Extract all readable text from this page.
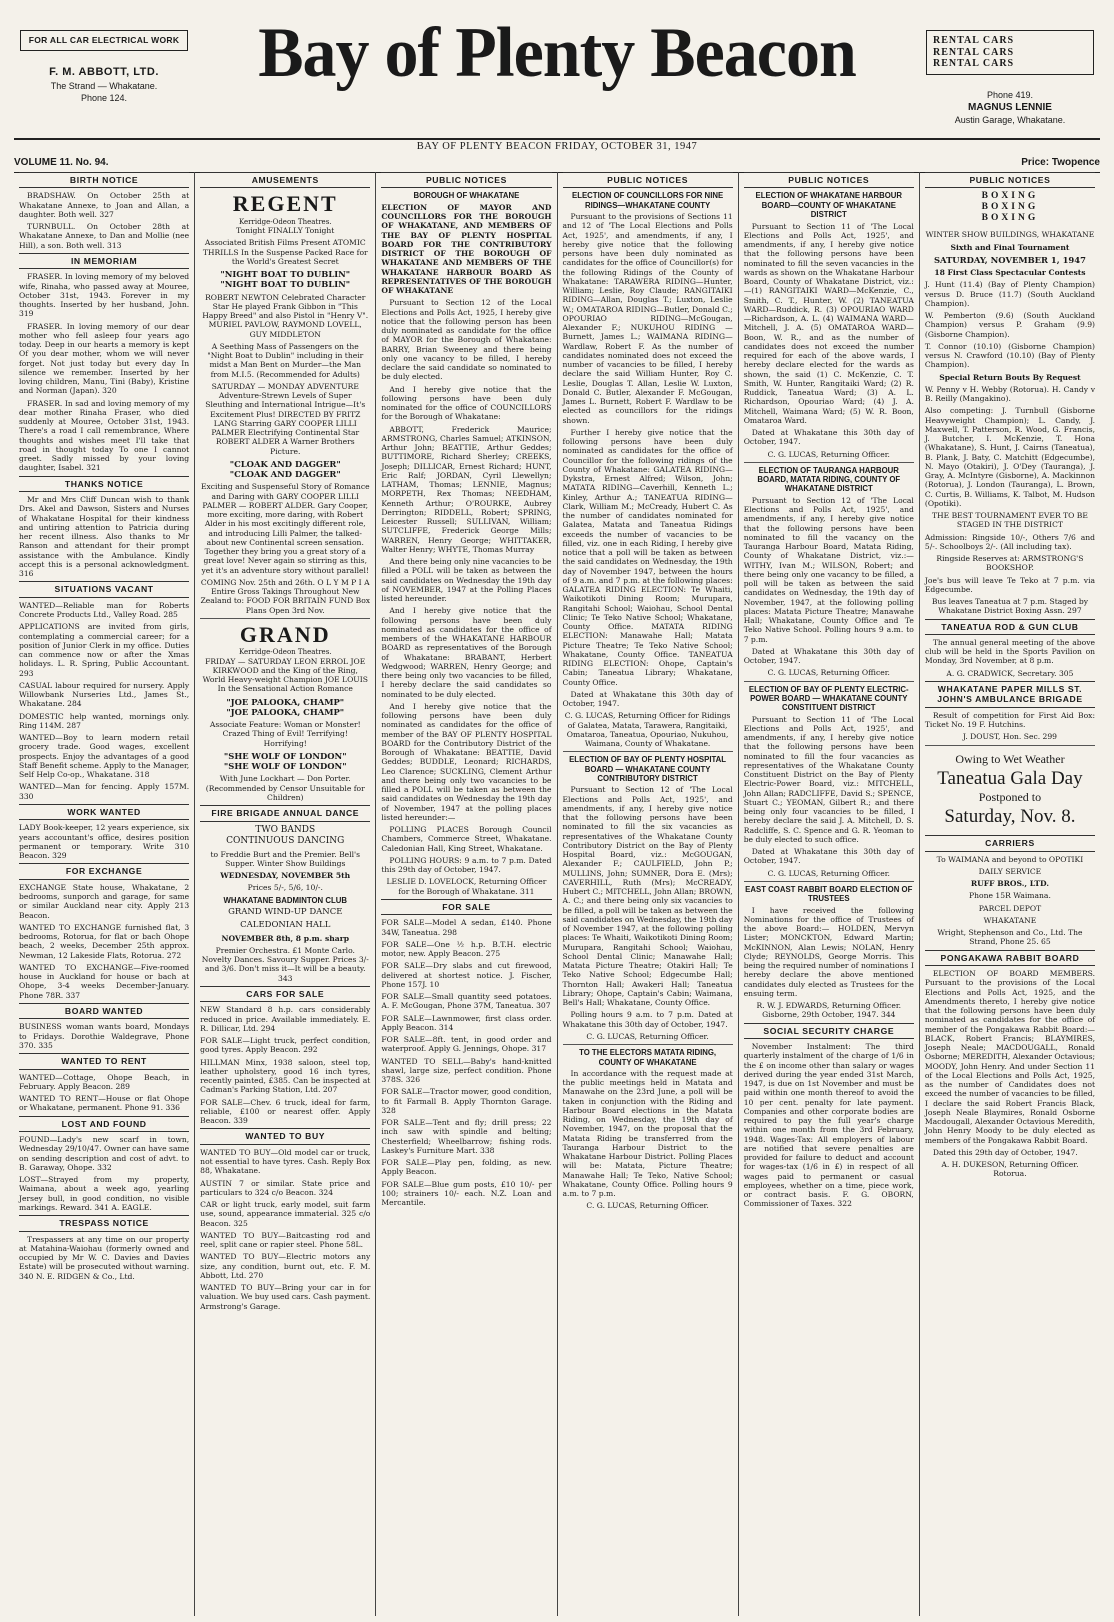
FOR ALL CAR ELECTRICAL WORK
F. M. ABBOTT, LTD.
The Strand — Whakatane.
Phone 124.
Bay of Plenty Beacon	RENTAL CARS
RENTAL CARS
RENTAL CARS
Phone 419.
MAGNUS LENNIE
Austin Garage, Whakatane.
BAY OF PLENTY BEACON FRIDAY, OCTOBER 31, 1947
VOLUME 11. No. 94.	Price: Twopence
BIRTH NOTICE

BRADSHAW. On October 25th at Whakatane Annexe, to Joan and Allan, a daughter. Both well. 327

TURNBULL. On October 28th at Whakatane Annexe, to Dan and Mollie (nee Hill), a son. Both well. 313

IN MEMORIAM

FRASER. In loving memory of my beloved wife, Rinaha, who passed away at Mouree, October 31st, 1943. Forever in my thoughts. Inserted by her husband, John. 319

FRASER. In loving memory of our dear mother who fell asleep four years ago today. Deep in our hearts a memory is kept Of you dear mother, whom we will never forget. Not just today but every day In silence we remember. Inserted by her loving children, Manu, Tini (Baby), Kristine and Norman (Japan). 320

FRASER. In sad and loving memory of my dear mother Rinaha Fraser, who died suddenly at Mouree, October 31st, 1943. There's a road I call remembrance, Where thoughts and wishes meet I'll take that road in thought today To one I cannot greet. Sadly missed by your loving daughter, Isabel. 321

THANKS NOTICE

Mr and Mrs Cliff Duncan wish to thank Drs. Akel and Dawson, Sisters and Nurses of Whakatane Hospital for their kindness and untiring attention to Patricia during her recent illness. Also thanks to Mr Ranson and attendant for their prompt assistance with the Ambulance. Kindly accept this is a personal acknowledgment. 316

SITUATIONS VACANT

WANTED—Reliable man for Roberts Concrete Products Ltd., Valley Road. 285

APPLICATIONS are invited from girls, contemplating a commercial career; for a position of Junior Clerk in my office. Duties can commence now or after the Xmas holidays. L. R. Spring, Public Accountant. 293

CASUAL labour required for nursery. Apply Willowbank Nurseries Ltd., James St., Whakatane. 284

DOMESTIC help wanted, mornings only. Ring 114M. 287

WANTED—Boy to learn modern retail grocery trade. Good wages, excellent prospects. Enjoy the advantages of a good Staff Benefit scheme. Apply to the Manager, Self Help Co-op., Whakatane. 318

WANTED—Man for fencing. Apply 157M. 330

WORK WANTED

LADY Book-keeper, 12 years experience, six years accountant's office, desires position permanent or temporary. Write 310 Beacon. 329

FOR EXCHANGE

EXCHANGE State house, Whakatane, 2 bedrooms, sunporch and garage, for same or similar Auckland near city. Apply 213 Beacon.

WANTED TO EXCHANGE furnished flat, 3 bedrooms, Rotorua, for flat or bach Ohope beach, 2 weeks, December 25th approx. Newman, 12 Lakeside Flats, Rotorua. 272

WANTED TO EXCHANGE—Five-roomed house in Auckland for house or bach at Ohope, 3-4 weeks December-January. Phone 78R. 337

BOARD WANTED

BUSINESS woman wants board, Mondays to Fridays. Dorothie Waldegrave, Phone 370. 335

WANTED TO RENT

WANTED—Cottage, Ohope Beach, in February. Apply Beacon. 289

WANTED TO RENT—House or flat Ohope or Whakatane, permanent. Phone 91. 336

LOST AND FOUND

FOUND—Lady's new scarf in town, Wednesday 29/10/47. Owner can have same on sending description and cost of advt. to B. Garaway, Ohope. 332

LOST—Strayed from my property, Waimana, about a week ago, yearling Jersey bull, in good condition, no visible markings. Reward. 341 A. EAGLE.

TRESPASS NOTICE

Trespassers at any time on our property at Matahina-Waiohau (formerly owned and occupied by Mr W. C. Davies and Davies Estate) will be prosecuted without warning. 340 N. E. RIDGEN & Co., Ltd.

AMUSEMENTS
REGENT
Kerridge-Odeon Theatres.

Tonight FINALLY Tonight

Associated British Films Present ATOMIC THRILLS In the Suspense Packed Race for the World's Greatest Secret

"NIGHT BOAT TO DUBLIN"
"NIGHT BOAT TO DUBLIN"

ROBERT NEWTON Celebrated Character Star He played Frank Gibbon in "This Happy Breed" and also Pistol in "Henry V". MURIEL PAVLOW, RAYMOND LOVELL, GUY MIDDLETON

A Seething Mass of Passengers on the "Night Boat to Dublin" including in their midst a Man Bent on Murder—the Man from M.I.5. (Recommended for Adults)

SATURDAY — MONDAY ADVENTURE Adventure-Strewn Levels of Super Sleuthing and International Intrigue—It's Excitement Plus! DIRECTED BY FRITZ LANG Starring GARY COOPER LILLI PALMER Electrifying Continental Star ROBERT ALDER A Warner Brothers Picture.

"CLOAK AND DAGGER"
"CLOAK AND DAGGER"

Exciting and Suspenseful Story of Romance and Daring with GARY COOPER LILLI PALMER — ROBERT ALDER. Gary Cooper, more exciting, more daring, with Robert Alder in his most excitingly different role, and introducing Lilli Palmer, the talked-about new Continental screen sensation. Together they bring you a great story of a great love! Never again so stirring as this, yet it's an adventure story without parallel!

COMING Nov. 25th and 26th. O L Y M P I A Entire Gross Takings Throughout New Zealand to: FOOD FOR BRITAIN FUND Box Plans Open 3rd Nov.

GRAND
Kerridge-Odeon Theatres.

FRIDAY — SATURDAY LEON ERROL JOE KIRKWOOD and the King of the Ring, World Heavy-weight Champion JOE LOUIS In the Sensational Action Romance

"JOE PALOOKA, CHAMP"
"JOE PALOOKA, CHAMP"

Associate Feature: Woman or Monster! Crazed Thing of Evil! Terrifying! Horrifying!

"SHE WOLF OF LONDON"
"SHE WOLF OF LONDON"

With June Lockhart — Don Porter. (Recommended by Censor Unsuitable for Children)

FIRE BRIGADE ANNUAL DANCE

TWO BANDS
CONTINUOUS DANCING

to Freddie Burt and the Premier. Bell's Supper. Winter Show Buildings

WEDNESDAY, NOVEMBER 5th

Prices 5/-, 5/6, 10/-.

WHAKATANE BADMINTON CLUB

GRAND WIND-UP DANCE

CALEDONIAN HALL

NOVEMBER 8th, 8 p.m. sharp

Premier Orchestra. £1 Monte Carlo. Novelty Dances. Savoury Supper. Prices 3/- and 3/6. Don't miss it—It will be a beauty. 343

CARS FOR SALE

NEW Standard 8 h.p. cars considerably reduced in price. Available immediately. E. R. Dillicar, Ltd. 294

FOR SALE—Light truck, perfect condition, good tyres. Apply Beacon. 292

HILLMAN Minx, 1938 saloon, steel top, leather upholstery, good 16 inch tyres, recently painted, £385. Can be inspected at Cadman's Parking Station, Ltd. 207

FOR SALE—Chev. 6 truck, ideal for farm, reliable, £100 or nearest offer. Apply Beacon. 339

WANTED TO BUY

WANTED TO BUY—Old model car or truck, not essential to have tyres. Cash. Reply Box 88, Whakatane.

AUSTIN 7 or similar. State price and particulars to 324 c/o Beacon. 324

CAR or light truck, early model, suit farm use, sound, appearance immaterial. 325 c/o Beacon. 325

WANTED TO BUY—Baitcasting rod and reel, split cane or rapier steel. Phone 58L.

WANTED TO BUY—Electric motors any size, any condition, burnt out, etc. F. M. Abbott, Ltd. 270

WANTED TO BUY—Bring your car in for valuation. We buy used cars. Cash payment. Armstrong's Garage.

PUBLIC NOTICES
BOROUGH OF WHAKATANE

ELECTION OF MAYOR AND COUNCILLORS FOR THE BOROUGH OF WHAKATANE, AND MEMBERS OF THE BAY OF PLENTY HOSPITAL BOARD FOR THE CONTRIBUTORY DISTRICT OF THE BOROUGH OF WHAKATANE AND MEMBERS OF THE WHAKATANE HARBOUR BOARD AS REPRESENTATIVES OF THE BOROUGH OF WHAKATANE

Pursuant to Section 12 of the Local Elections and Polls Act, 1925, I hereby give notice that the following person has been duly nominated as candidate for the office of MAYOR for the Borough of Whakatane: BARRY, Brian Sweeney and there being only one vacancy to be filled, I hereby declare the said candidate so nominated to be duly elected.

And I hereby give notice that the following persons have been duly nominated for the office of COUNCILLORS for the Borough of Whakatane:

ABBOTT, Frederick Maurice; ARMSTRONG, Charles Samuel; ATKINSON, Arthur John; BEATTIE, Arthur Geddes; BUTTIMORE, Richard Sherley; CREEKS, Joseph; DILLICAR, Ernest Richard; HUNT, Eric Ralf; JORDAN, Cyril Llewellyn; LATHAM, Thomas; LENNIE, Magnus; MORPETH, Rex Thomas; NEEDHAM, Kenneth Arthur; O'ROURKE, Aubrey Derrington; RIDDELL, Robert; SPRING, Leicester Russell; SULLIVAN, William; SUTCLIFFE, Frederick George Mills; WARREN, Henry George; WHITTAKER, Walter Henry; WHYTE, Thomas Murray

And there being only nine vacancies to be filled a POLL will be taken as between the said candidates on Wednesday the 19th day of NOVEMBER, 1947 at the Polling Places listed hereunder.

And I hereby give notice that the following persons have been duly nominated as candidates for the office of members of the WHAKATANE HARBOUR BOARD as representatives of the Borough of Whakatane: BRABANT, Herbert Wedgwood; WARREN, Henry George; and there being only two vacancies to be filled, I hereby declare the said candidates so nominated to be duly elected.

And I hereby give notice that the following persons have been duly nominated as candidates for the office of member of the BAY OF PLENTY HOSPITAL BOARD for the Contributory District of the Borough of Whakatane: BEATTIE, David Geddes; BUDDLE, Leonard; RICHARDS, Leo Clarence; SUCKLING, Clement Arthur and there being only two vacancies to be filled a POLL will be taken as between the said candidates on Wednesday the 19th day of November, 1947 at the polling places listed hereunder:—

POLLING PLACES Borough Council Chambers, Commerce Street, Whakatane. Caledonian Hall, King Street, Whakatane.

POLLING HOURS: 9 a.m. to 7 p.m. Dated this 29th day of October, 1947.

LESLIE D. LOVELOCK, Returning Officer for the Borough of Whakatane. 311

FOR SALE

FOR SALE—Model A sedan, £140. Phone 34W, Taneatua. 298

FOR SALE—One ½ h.p. B.T.H. electric motor, new. Apply Beacon. 275

FOR SALE—Dry slabs and cut firewood, delivered at shortest notice. J. Fischer, Phone 157J. 10

FOR SALE—Small quantity seed potatoes. A. F. McGougan, Phone 37M, Taneatua. 307

FOR SALE—Lawnmower, first class order. Apply Beacon. 314

FOR SALE—8ft. tent, in good order and waterproof. Apply G. Jennings, Ohope. 317

WANTED TO SELL—Baby's hand-knitted shawl, large size, perfect condition. Phone 378S. 326

FOR SALE—Tractor mower, good condition, to fit Farmall B. Apply Thornton Garage. 328

FOR SALE—Tent and fly; drill press; 22 inch saw with spindle and belting; Chesterfield; Wheelbarrow; fishing rods. Laskey's Furniture Mart. 338

FOR SALE—Play pen, folding, as new. Apply Beacon.

FOR SALE—Blue gum posts, £10 10/- per 100; strainers 10/- each. N.Z. Loan and Mercantile.

PUBLIC NOTICES
ELECTION OF COUNCILLORS FOR NINE RIDINGS—WHAKATANE COUNTY

Pursuant to the provisions of Sections 11 and 12 of 'The Local Elections and Polls Act, 1925', and amendments, if any, I hereby give notice that the following persons have been duly nominated as candidates for the office of Councillor(s) for the following Ridings of the County of Whakatane: TARAWERA RIDING—Hunter, William; Leslie, Roy Claude; RANGITAIKI RIDING—Allan, Douglas T.; Luxton, Leslie W.; OMATAROA RIDING—Butler, Donald C.; OPOURIAO RIDING—McGougan, Alexander F.; NUKUHOU RIDING — Burnett, James L.; WAIMANA RIDING—Wardlaw, Robert F. As the number of candidates nominated does not exceed the number of vacancies to be filled, I hereby declare the said William Hunter, Roy C. Leslie, Douglas T. Allan, Leslie W. Luxton, Donald C. Butler, Alexander F. McGougan, James L. Burnett, Robert F. Wardlaw to be elected as councillors for the ridings shown.

Further I hereby give notice that the following persons have been duly nominated as candidates for the office of Councillor for the following ridings of the County of Whakatane: GALATEA RIDING—Dykstra, Ernest Alfred; Wilson, John; MATATA RIDING—Caverhill, Kenneth L.; Kinley, Arthur A.; TANEATUA RIDING—Clark, William M.; McCready, Hubert C. As the number of candidates nominated for Galatea, Matata and Taneatua Ridings exceeds the number of vacancies to be filled, viz. one in each Riding, I hereby give notice that a poll will be taken as between the said candidates on Wednesday, the 19th day of November 1947, between the hours of 9 a.m. and 7 p.m. at the following places: GALATEA RIDING ELECTION: Te Whaiti, Waikotikoti Dining Room; Murupara, Rangitahi School; Waiohau, School Dental Clinic; Te Teko Native School; Whakatane, County Office. MATATA RIDING ELECTION: Manawahe Hall; Matata Picture Theatre; Te Teko Native School; Whakatane, County Office. TANEATUA RIDING ELECTION: Ohope, Captain's Cabin; Taneatua Library; Whakatane, County Office.

Dated at Whakatane this 30th day of October, 1947.

C. G. LUCAS, Returning Officer for Ridings of Galatea, Matata, Tarawera, Rangitaiki, Omataroa, Taneatua, Opouriao, Nukuhou, Waimana, County of Whakatane.

ELECTION OF BAY OF PLENTY HOSPITAL BOARD — WHAKATANE COUNTY CONTRIBUTORY DISTRICT

Pursuant to Section 12 of 'The Local Elections and Polls Act, 1925', and amendments, if any, I hereby give notice that the following persons have been nominated to fill the six vacancies as representatives of the Whakatane County Contributory District on the Bay of Plenty Hospital Board, viz.: McGOUGAN, Alexander F.; CAULFIELD, John P.; MULLINS, John; SUMNER, Dora E. (Mrs); CAVERHILL, Ruth (Mrs); McCREADY, Hubert C.; MITCHELL, John Allan; BROWN, A. C.; and there being only six vacancies to be filled, a poll will be taken as between the said candidates on Wednesday, the 19th day of November 1947, at the following polling places: Te Whaiti, Waikotikoti Dining Room; Murupara, Rangitahi School; Waiohau, School Dental Clinic; Manawahe Hall; Matata Picture Theatre; Otakiri Hall; Te Teko Native School; Edgecumbe Hall; Thornton Hall; Awakeri Hall; Taneatua Library; Ohope, Captain's Cabin; Waimana, Bell's Hall; Whakatane, County Office.

Polling hours 9 a.m. to 7 p.m. Dated at Whakatane this 30th day of October, 1947.

C. G. LUCAS, Returning Officer.

TO THE ELECTORS MATATA RIDING, COUNTY OF WHAKATANE

In accordance with the request made at the public meetings held in Matata and Manawahe on the 23rd June, a poll will be taken in conjunction with the Riding and Harbour Board elections in the Matata Riding, on Wednesday, the 19th day of November, 1947, on the proposal that the Matata Riding be transferred from the Tauranga Harbour District to the Whakatane Harbour District. Polling Places will be: Matata, Picture Theatre; Manawahe Hall; Te Teko, Native School; Whakatane, County Office. Polling hours 9 a.m. to 7 p.m.

C. G. LUCAS, Returning Officer.

PUBLIC NOTICES
ELECTION OF WHAKATANE HARBOUR BOARD—COUNTY OF WHAKATANE DISTRICT

Pursuant to Section 11 of 'The Local Elections and Polls Act, 1925', and amendments, if any, I hereby give notice that the following persons have been nominated to fill the seven vacancies in the wards as shown on the Whakatane Harbour Board, County of Whakatane District, viz.:—(1) RANGITAIKI WARD—McKenzie, C., Smith, C. T., Hunter, W. (2) TANEATUA WARD—Ruddick, R. (3) OPOURIAO WARD—Richardson, A. L. (4) WAIMANA WARD—Mitchell, J. A. (5) OMATAROA WARD—Boon, W. R., and as the number of candidates does not exceed the number required for each of the above wards, I hereby declare elected for the wards as shown, the said (1) C. McKenzie, C. T. Smith, W. Hunter, Rangitaiki Ward; (2) R. Ruddick, Taneatua Ward; (3) A. L. Richardson, Opouriao Ward; (4) J. A. Mitchell, Waimana Ward; (5) W. R. Boon, Omataroa Ward.

Dated at Whakatane this 30th day of October, 1947.

C. G. LUCAS, Returning Officer.

ELECTION OF TAURANGA HARBOUR BOARD, MATATA RIDING, COUNTY OF WHAKATANE DISTRICT

Pursuant to Section 12 of 'The Local Elections and Polls Act, 1925', and amendments, if any, I hereby give notice that the following persons have been nominated to fill the vacancy on the Tauranga Harbour Board, Matata Riding, County of Whakatane District, viz.:— WITHY, Ivan M.; WILSON, Robert; and there being only one vacancy to be filled, a poll will be taken as between the said candidates on Wednesday, the 19th day of November, 1947, at the following polling places: Matata Picture Theatre; Manawahe Hall; Whakatane, County Office and Te Teko Native School. Polling hours 9 a.m. to 7 p.m.

Dated at Whakatane this 30th day of October, 1947.

C. G. LUCAS, Returning Officer.

ELECTION OF BAY OF PLENTY ELECTRIC-POWER BOARD — WHAKATANE COUNTY CONSTITUENT DISTRICT

Pursuant to Section 11 of 'The Local Elections and Polls Act, 1925', and amendments, if any, I hereby give notice that the following persons have been nominated to fill the four vacancies as representatives of the Whakatane County Constituent District on the Bay of Plenty Electric-Power Board, viz.: MITCHELL, John Allan; RADCLIFFE, David S.; SPENCE, Stuart C.; YEOMAN, Gilbert R.; and there being only four vacancies to be filled, I hereby declare the said J. A. Mitchell, D. S. Radcliffe, S. C. Spence and G. R. Yeoman to be duly elected to such office.

Dated at Whakatane this 30th day of October, 1947.

C. G. LUCAS, Returning Officer.

EAST COAST RABBIT BOARD ELECTION OF TRUSTEES

I have received the following Nominations for the office of Trustees of the above Board:— HOLDEN, Mervyn Lister; MONCKTON, Edward Martin; McKINNON, Alan Lewis; NOLAN, Henry Clyde; REYNOLDS, George Morris. This being the required number of nominations I hereby declare the above mentioned candidates duly elected as Trustees for the ensuing term.

R. W. J. EDWARDS, Returning Officer. Gisborne, 29th October, 1947. 344

SOCIAL SECURITY CHARGE

November Instalment: The third quarterly instalment of the charge of 1/6 in the £ on income other than salary or wages derived during the year ended 31st March, 1947, is due on 1st November and must be paid within one month thereof to avoid the 10 per cent. penalty for late payment. Companies and other corporate bodies are required to pay the full year's charge within one month from the 3rd February, 1948. Wages-Tax: All employers of labour are notified that severe penalties are provided for failure to deduct and account for wages-tax (1/6 in £) in respect of all wages paid to permanent or casual employees, whether on a time, piece work, or contract basis. F. G. OBORN, Commissioner of Taxes. 322

PUBLIC NOTICES
BOXING
BOXING
BOXING

WINTER SHOW BUILDINGS, WHAKATANE

Sixth and Final Tournament

SATURDAY, NOVEMBER 1, 1947

18 First Class Spectacular Contests

J. Hunt (11.4) (Bay of Plenty Champion) versus D. Bruce (11.7) (South Auckland Champion).

W. Pemberton (9.6) (South Auckland Champion) versus P. Graham (9.9) (Gisborne Champion).

T. Connor (10.10) (Gisborne Champion) versus N. Crawford (10.10) (Bay of Plenty Champion).

Special Return Bouts By Request

W. Penny v H. Webby (Rotorua). H. Candy v B. Reilly (Mangakino).

Also competing: J. Turnbull (Gisborne Heavyweight Champion); L. Candy, J. Maxwell, T. Patterson, R. Wood, G. Francis, J. Butcher, I. McKenzie, T. Hona (Whakatane), S. Hunt, J. Cairns (Taneatua), B. Plank, J. Baty, C. Matchitt (Edgecumbe), N. Mayo (Otakiri), J. O'Dey (Tauranga), J. Gray, A. McIntyre (Gisborne), A. Mackinnon (Rotorua), J. London (Tauranga), L. Brown, C. Curtis, B. Williams, K. Talbot, M. Hudson (Opotiki).

THE BEST TOURNAMENT EVER TO BE STAGED IN THE DISTRICT

Admission: Ringside 10/-, Others 7/6 and 5/-. Schoolboys 2/-. (All including tax).

Ringside Reserves at: ARMSTRONG'S BOOKSHOP.

Joe's bus will leave Te Teko at 7 p.m. via Edgecumbe.

Bus leaves Taneatua at 7 p.m. Staged by Whakatane District Boxing Assn. 297

TANEATUA ROD & GUN CLUB

The annual general meeting of the above club will be held in the Sports Pavilion on Monday, 3rd November, at 8 p.m.

A. G. CRADWICK, Secretary. 305

WHAKATANE PAPER MILLS ST. JOHN'S AMBULANCE BRIGADE

Result of competition for First Aid Box: Ticket No. 19 F. Hutchins.

J. DOUST, Hon. Sec. 299

Owing to Wet Weather
Taneatua Gala Day
Postponed to
Saturday, Nov. 8.
CARRIERS

To WAIMANA and beyond to OPOTIKI

DAILY SERVICE

RUFF BROS., LTD.

Phone 15R Waimana.

PARCEL DEPOT

WHAKATANE

Wright, Stephenson and Co., Ltd. The Strand, Phone 25. 65

PONGAKAWA RABBIT BOARD

ELECTION OF BOARD MEMBERS. Pursuant to the provisions of the Local Elections and Polls Act, 1925, and the Amendments thereto, I hereby give notice that the following persons have been duly nominated as candidates for the office of member of the Pongakawa Rabbit Board:— BLACK, Robert Francis; BLAYMIRES, Joseph Neale; MACDOUGALL, Ronald Osborne; MEREDITH, Alexander Octavious; MOODY, John Henry. And under Section 11 of the Local Elections and Polls Act, 1925, as the number of Candidates does not exceed the number of vacancies to be filled, I declare the said Robert Francis Black, Joseph Neale Blaymires, Ronald Osborne Macdougall, Alexander Octavious Meredith, John Henry Moody to be duly elected as members of the Pongakawa Rabbit Board.

Dated this 29th day of October, 1947.

A. H. DUKESON, Returning Officer. Rotorua.
